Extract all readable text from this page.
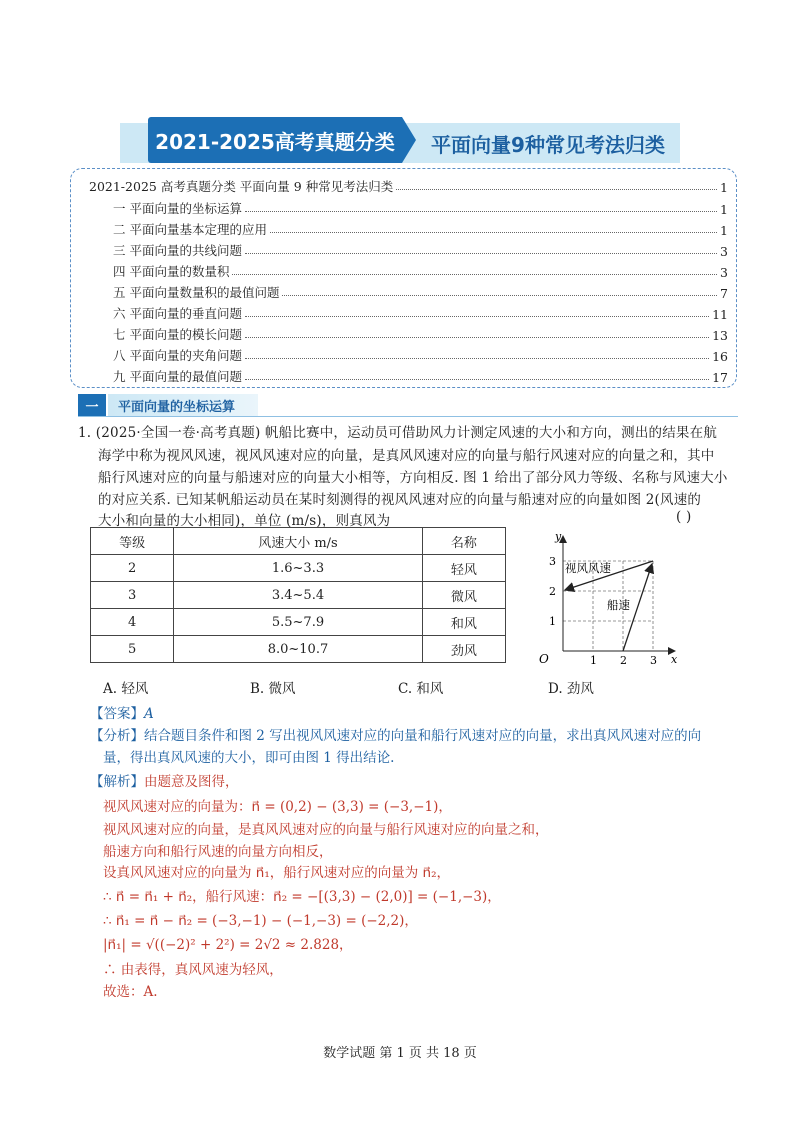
2021-2025高考真题分类	平面向量9种常见考法归类
2021-2025 高考真题分类 平面向量 9 种常见考法归类	1
一 平面向量的坐标运算	1
二 平面向量基本定理的应用	1
三 平面向量的共线问题	3
四 平面向量的数量积	3
五 平面向量数量积的最值问题	7
六 平面向量的垂直问题	11
七 平面向量的模长问题	13
八 平面向量的夹角问题	16
九 平面向量的最值问题	17
一	平面向量的坐标运算
1. (2025·全国一卷·高考真题) 帆船比赛中，运动员可借助风力计测定风速的大小和方向，测出的结果在航
海学中称为视风风速，视风风速对应的向量，是真风风速对应的向量与船行风速对应的向量之和，其中
船行风速对应的向量与船速对应的向量大小相等，方向相反. 图 1 给出了部分风力等级、名称与风速大小
的对应关系. 已知某帆船运动员在某时刻测得的视风风速对应的向量与船速对应的向量如图 2(风速的
大小和向量的大小相同)，单位 (m/s)，则真风为	( )
等级	风速大小 m/s	名称
2	1.6~3.3	轻风
3	3.4~5.4	微风
4	5.5~7.9	和风
5	8.0~10.7	劲风
y
x
O	1 2 3
1
2
3 视风风速
船速
A. 轻风	B. 微风	C. 和风	D. 劲风
【答案】A
【分析】结合题目条件和图 2 写出视风风速对应的向量和船行风速对应的向量，求出真风风速对应的向
量，得出真风风速的大小，即可由图 1 得出结论.
【解析】由题意及图得，
视风风速对应的向量为：n⃗ = (0,2) − (3,3) = (−3,−1)，
视风风速对应的向量，是真风风速对应的向量与船行风速对应的向量之和，
船速方向和船行风速的向量方向相反，
设真风风速对应的向量为 n⃗₁，船行风速对应的向量为 n⃗₂，
∴ n⃗ = n⃗₁ + n⃗₂，船行风速：n⃗₂ = −[(3,3) − (2,0)] = (−1,−3)，
∴ n⃗₁ = n⃗ − n⃗₂ = (−3,−1) − (−1,−3) = (−2,2)，
|n⃗₁| = √((−2)² + 2²) = 2√2 ≈ 2.828，
∴ 由表得，真风风速为轻风，
故选：A.
数学试题 第 1 页 共 18 页
